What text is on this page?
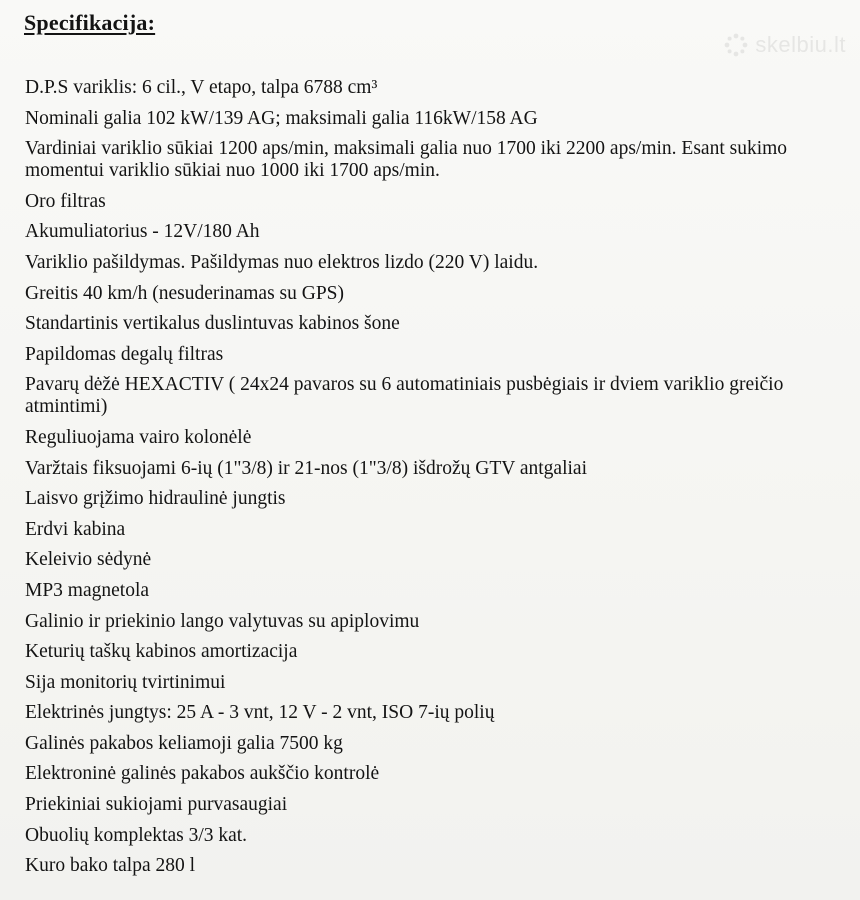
Specifikacija:
skelbiu.lt
D.P.S variklis: 6 cil., V etapo, talpa 6788 cm³
Nominali galia 102 kW/139 AG; maksimali galia 116kW/158 AG
Vardiniai variklio sūkiai 1200 aps/min, maksimali galia nuo 1700 iki 2200 aps/min. Esant sukimo momentui variklio sūkiai nuo 1000 iki 1700 aps/min.
Oro filtras
Akumuliatorius - 12V/180 Ah
Variklio pašildymas. Pašildymas nuo elektros lizdo (220 V) laidu.
Greitis 40 km/h (nesuderinamas su GPS)
Standartinis vertikalus duslintuvas kabinos šone
Papildomas degalų filtras
Pavarų dėžė HEXACTIV ( 24x24 pavaros su 6 automatiniais pusbėgiais ir dviem variklio greičio atmintimi)
Reguliuojama vairo kolonėlė
Varžtais fiksuojami 6-ių (1"3/8) ir 21-nos (1"3/8) išdrožų GTV antgaliai
Laisvo grįžimo hidraulinė jungtis
Erdvi kabina
Keleivio sėdynė
MP3 magnetola
Galinio ir priekinio lango valytuvas su apiplovimu
Keturių taškų kabinos amortizacija
Sija monitorių tvirtinimui
Elektrinės jungtys: 25 A - 3 vnt, 12 V - 2 vnt, ISO 7-ių polių
Galinės pakabos keliamoji galia 7500 kg
Elektroninė galinės pakabos aukščio kontrolė
Priekiniai sukiojami purvasaugiai
Obuolių komplektas 3/3 kat.
Kuro bako talpa 280 l
